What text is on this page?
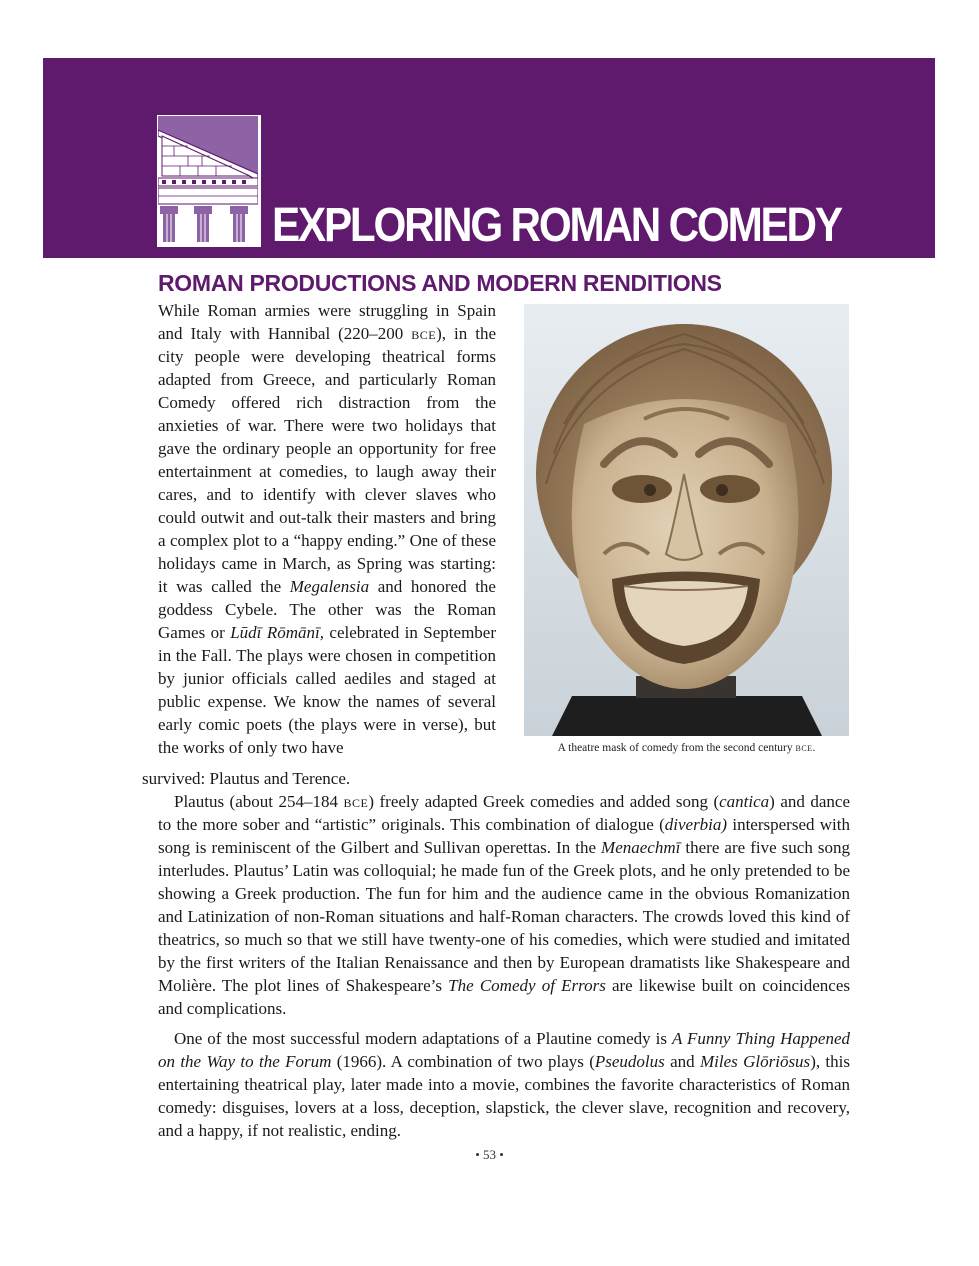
EXPLORING ROMAN COMEDY
ROMAN PRODUCTIONS AND MODERN RENDITIONS

While Roman armies were struggling in Spain and Italy with Hannibal (220–200 bce), in the city people were developing theatrical forms adapted from Greece, and particularly Roman Comedy offered rich distraction from the anxieties of war. There were two holidays that gave the ordinary people an opportunity for free entertainment at comedies, to laugh away their cares, and to identify with clever slaves who could outwit and out-talk their masters and bring a complex plot to a “happy ending.” One of these holidays came in March, as Spring was starting: it was called the Megalensia and honored the goddess Cybele. The other was the Roman Games or Lūdī Rōmānī, celebrated in September in the Fall. The plays were chosen in competition by junior officials called aediles and staged at public expense. We know the names of several early comic poets (the plays were in verse), but the works of only two have	A theatre mask of comedy from the second century bce.

survived: Plautus and Terence.

Plautus (about 254–184 bce) freely adapted Greek comedies and added song (cantica) and dance to the more sober and “artistic” originals. This combination of dialogue (diverbia) interspersed with song is reminiscent of the Gilbert and Sullivan operettas. In the Menaechmī there are five such song interludes. Plautus’ Latin was colloquial; he made fun of the Greek plots, and he only pretended to be showing a Greek production. The fun for him and the audience came in the obvious Romanization and Latinization of non-Roman situations and half-Roman characters. The crowds loved this kind of theatrics, so much so that we still have twenty-one of his comedies, which were studied and imitated by the first writers of the Italian Renaissance and then by European dramatists like Shakespeare and Molière. The plot lines of Shakespeare’s The Comedy of Errors are likewise built on coincidences and complications.

One of the most successful modern adaptations of a Plautine comedy is A Funny Thing Happened on the Way to the Forum (1966). A combination of two plays (Pseudolus and Miles Glōriōsus), this entertaining theatrical play, later made into a movie, combines the favorite characteristics of Roman comedy: disguises, lovers at a loss, deception, slapstick, the clever slave, recognition and recovery, and a happy, if not realistic, ending.

• 53 •
